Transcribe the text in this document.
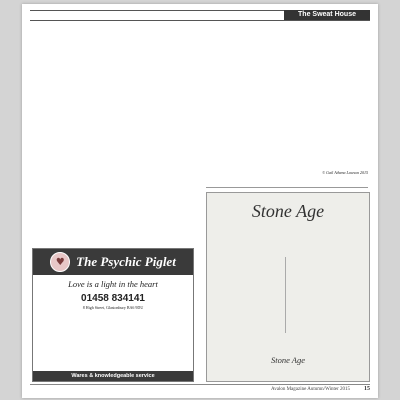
The Sweat House

© Gail Athena Lawson 2015
♥ The Psychic Piglet
Love is a light in the heart
01458 834141
8 High Street, Glastonbury BA6 9DU
Wares & knowledgeable service
Stone Age
Stone Age
Avalon Magazine Autumn/Winter 2015 15
